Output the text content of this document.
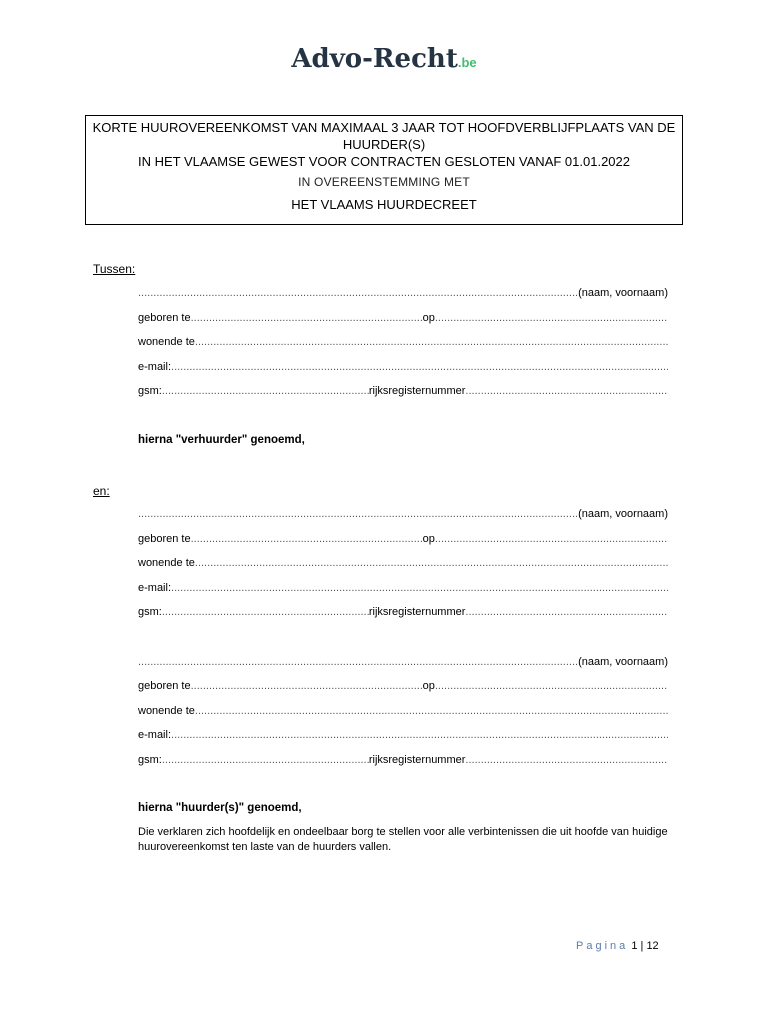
Advo-Recht.be
KORTE HUUROVEREENKOMST VAN MAXIMAAL 3 JAAR TOT HOOFDVERBLIJFPLAATS VAN DE HUURDER(S)
IN HET VLAAMSE GEWEST VOOR CONTRACTEN GESLOTEN VANAF 01.01.2022
IN OVEREENSTEMMING MET
HET VLAAMS HUURDECREET
Tussen:
.....
(naam, voornaam)
geboren te .....	op
.....
wonende te
.....
e-mail:
.....
gsm: .....	rijksregisternummer
.....
hierna "verhuurder" genoemd,
en:
.....
(naam, voornaam)
geboren te .....	op
.....
wonende te
.....
e-mail:
.....
gsm: .....	rijksregisternummer
.....
.....
(naam, voornaam)
geboren te .....	op
.....
wonende te
.....
e-mail:
.....
gsm: .....	rijksregisternummer
.....
hierna "huurder(s)" genoemd,
Die verklaren zich hoofdelijk en ondeelbaar borg te stellen voor alle verbintenissen die uit hoofde van huidige huurovereenkomst ten laste van de huurders vallen.
Pagina 1 | 12
